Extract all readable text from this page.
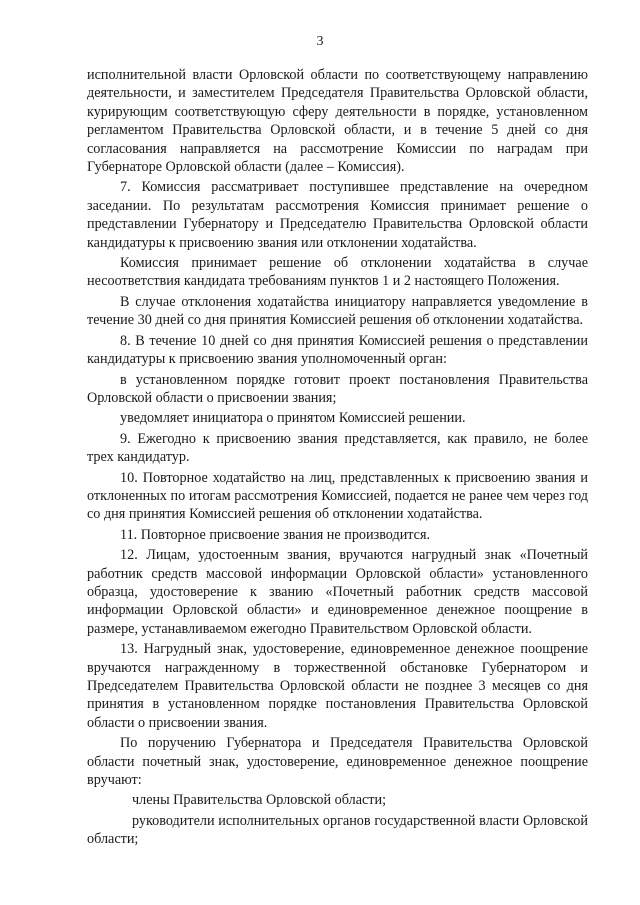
3

исполнительной власти Орловской области по соответствующему направлению деятельности, и заместителем Председателя Правительства Орловской области, курирующим соответствующую сферу деятельности в порядке, установленном регламентом Правительства Орловской области, и в течение 5 дней со дня согласования направляется на рассмотрение Комиссии по наградам при Губернаторе Орловской области (далее – Комиссия).

7. Комиссия рассматривает поступившее представление на очередном заседании. По результатам рассмотрения Комиссия принимает решение о представлении Губернатору и Председателю Правительства Орловской области кандидатуры к присвоению звания или отклонении ходатайства.

Комиссия принимает решение об отклонении ходатайства в случае несоответствия кандидата требованиям пунктов 1 и 2 настоящего Положения.

В случае отклонения ходатайства инициатору направляется уведомление в течение 30 дней со дня принятия Комиссией решения об отклонении ходатайства.

8. В течение 10 дней со дня принятия Комиссией решения о представлении кандидатуры к присвоению звания уполномоченный орган:

в установленном порядке готовит проект постановления Правительства Орловской области о присвоении звания;

уведомляет инициатора о принятом Комиссией решении.

9. Ежегодно к присвоению звания представляется, как правило, не более трех кандидатур.

10. Повторное ходатайство на лиц, представленных к присвоению звания и отклоненных по итогам рассмотрения Комиссией, подается не ранее чем через год со дня принятия Комиссией решения об отклонении ходатайства.

11. Повторное присвоение звания не производится.

12. Лицам, удостоенным звания, вручаются нагрудный знак «Почетный работник средств массовой информации Орловской области» установленного образца, удостоверение к званию «Почетный работник средств массовой информации Орловской области» и единовременное денежное поощрение в размере, устанавливаемом ежегодно Правительством Орловской области.

13. Нагрудный знак, удостоверение, единовременное денежное поощрение вручаются награжденному в торжественной обстановке Губернатором и Председателем Правительства Орловской области не позднее 3 месяцев со дня принятия в установленном порядке постановления Правительства Орловской области о присвоении звания.

По поручению Губернатора и Председателя Правительства Орловской области почетный знак, удостоверение, единовременное денежное поощрение вручают:

члены Правительства Орловской области;

руководители исполнительных органов государственной власти Орловской области;
